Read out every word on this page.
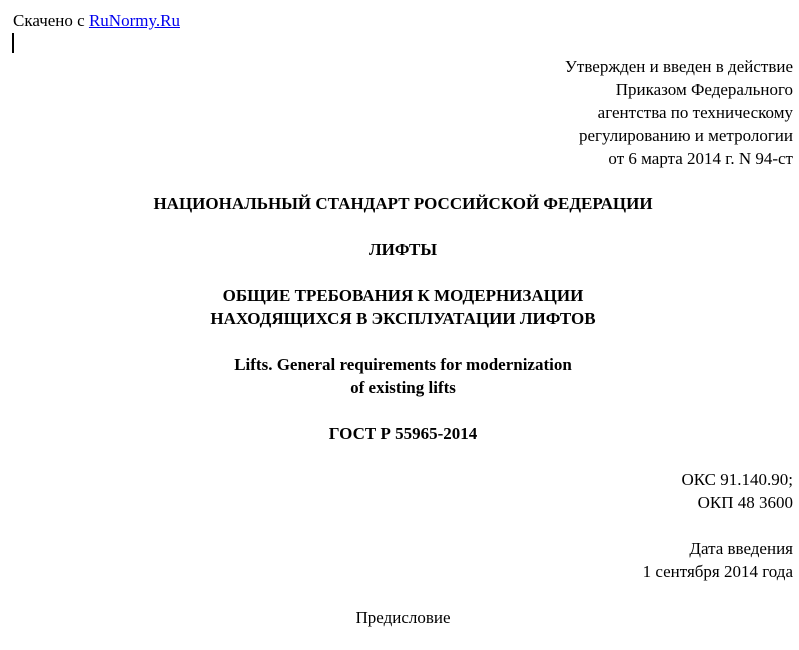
Скачено с RuNormy.Ru
Утвержден и введен в действие
Приказом Федерального
агентства по техническому
регулированию и метрологии
от 6 марта 2014 г. N 94-ст
НАЦИОНАЛЬНЫЙ СТАНДАРТ РОССИЙСКОЙ ФЕДЕРАЦИИ
ЛИФТЫ
ОБЩИЕ ТРЕБОВАНИЯ К МОДЕРНИЗАЦИИ
НАХОДЯЩИХСЯ В ЭКСПЛУАТАЦИИ ЛИФТОВ
Lifts. General requirements for modernization
of existing lifts
ГОСТ Р 55965-2014
ОКС 91.140.90;
ОКП 48 3600
Дата введения
1 сентября 2014 года
Предисловие
